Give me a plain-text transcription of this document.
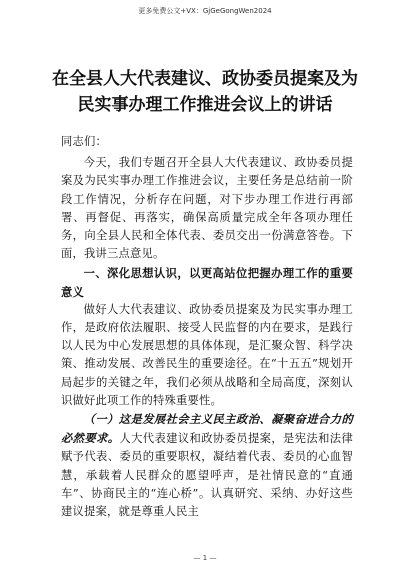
更多免费公文+VX：GjGeGongWen2024
在全县人大代表建议、政协委员提案及为
民实事办理工作推进会议上的讲话

同志们：

今天，我们专题召开全县人大代表建议、政协委员提案及为民实事办理工作推进会议，主要任务是总结前一阶段工作情况，分析存在问题，对下步办理工作进行再部署、再督促、再落实，确保高质量完成全年各项办理任务，向全县人民和全体代表、委员交出一份满意答卷。下面，我讲三点意见。

一、深化思想认识，以更高站位把握办理工作的重要意义

做好人大代表建议、政协委员提案及为民实事办理工作，是政府依法履职、接受人民监督的内在要求，是践行以人民为中心发展思想的具体体现，是汇聚众智、科学决策、推动发展、改善民生的重要途径。在“十五五”规划开局起步的关键之年，我们必须从战略和全局高度，深刻认识做好此项工作的特殊重要性。

（一）这是发展社会主义民主政治、凝聚奋进合力的必然要求。人大代表建议和政协委员提案，是宪法和法律赋予代表、委员的重要职权，凝结着代表、委员的心血智慧，承载着人民群众的愿望呼声，是社情民意的“直通车”、协商民主的“连心桥”。认真研究、采纳、办好这些建议提案，就是尊重人民主

— 1 —
